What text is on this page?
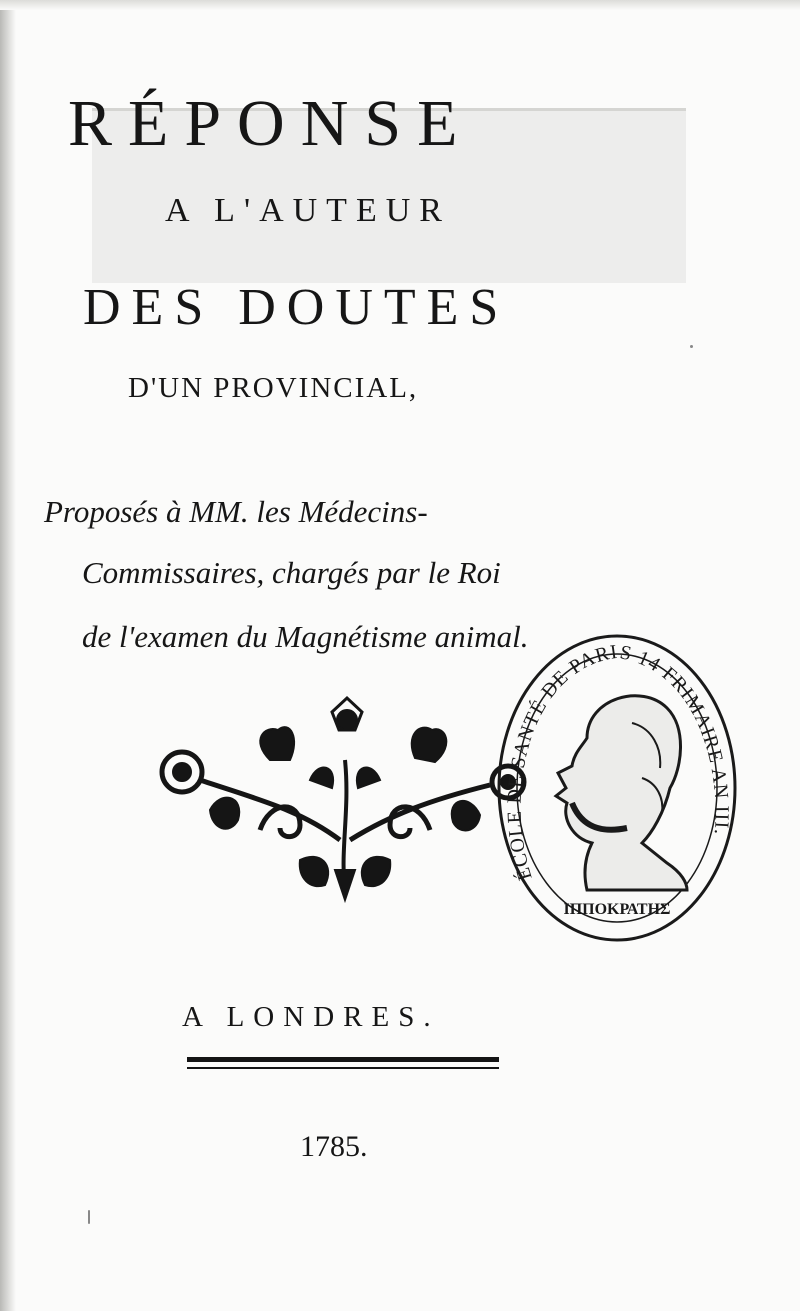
RÉPONSE
A L'AUTEUR
DES DOUTES
D'UN PROVINCIAL,

Proposés à MM. les Médecins-

Commissaires, chargés par le Roi

de l'examen du Magnétisme animal.

ÉCOLE DE SANTÉ DE PARIS 14 FRIMAIRE AN III.
ΙΠΠΟΚΡΑΤΗΣ

A LONDRES.

1785.
